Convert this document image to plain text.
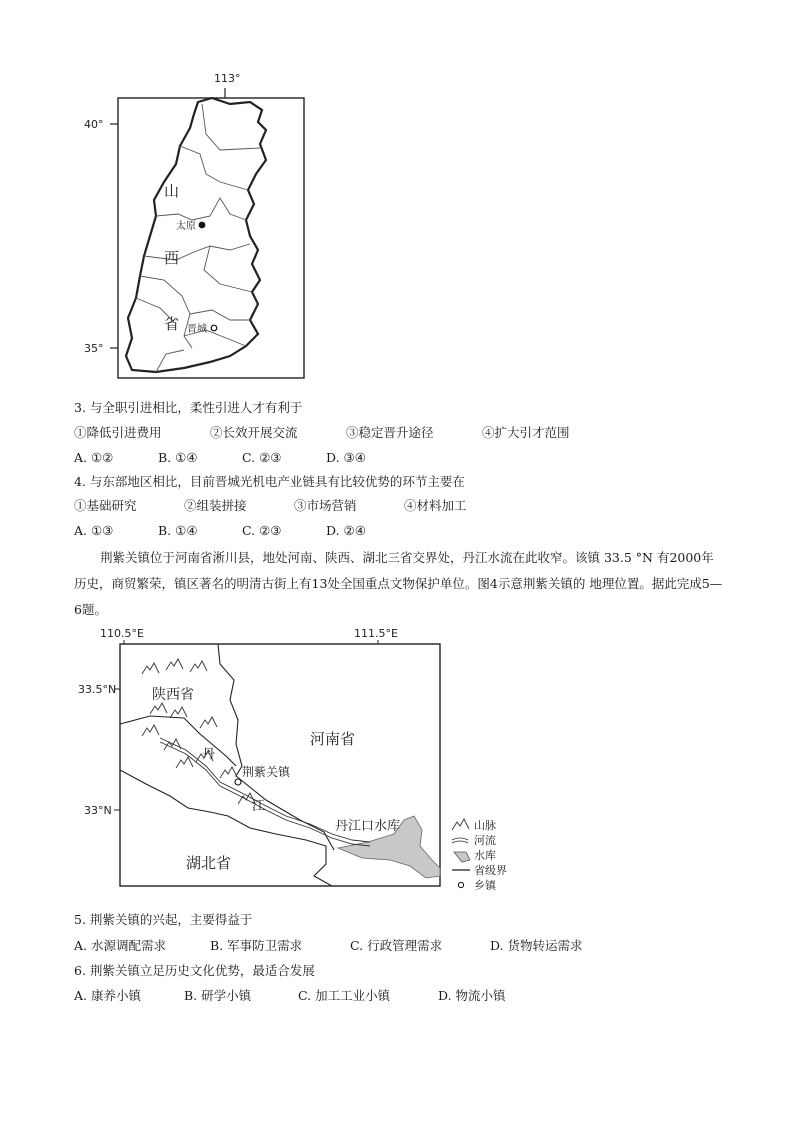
113°
40°
35°
山
西
省
太原
晋城
3. 与全职引进相比，柔性引进人才有利于
①降低引进费用	②长效开展交流	③稳定晋升途径	④扩大引才范围
A. ①②	B. ①④	C. ②③	D. ③④
4. 与东部地区相比，目前晋城光机电产业链具有比较优势的环节主要在
①基础研究	②组装拼接	③市场营销	④材料加工
A. ①③	B. ①④	C. ②③	D. ②④
荆紫关镇位于河南省淅川县，地处河南、陕西、湖北三省交界处，丹江水流在此收窄。该镇 33.5 °N 有2000年历史，商贸繁荣，镇区著名的明清古街上有13处全国重点文物保护单位。图4示意荆紫关镇的 地理位置。据此完成5—6题。
110.5°E	111.5°E
33.5°N
33°N
陕西省
河南省
湖北省
荆紫关镇
丹
江
丹江口水库	山脉
河流
水库
省级界
乡镇
5. 荆紫关镇的兴起，主要得益于
A. 水源调配需求	B. 军事防卫需求	C. 行政管理需求	D. 货物转运需求
6. 荆紫关镇立足历史文化优势，最适合发展
A. 康养小镇	B. 研学小镇	C. 加工工业小镇	D. 物流小镇
